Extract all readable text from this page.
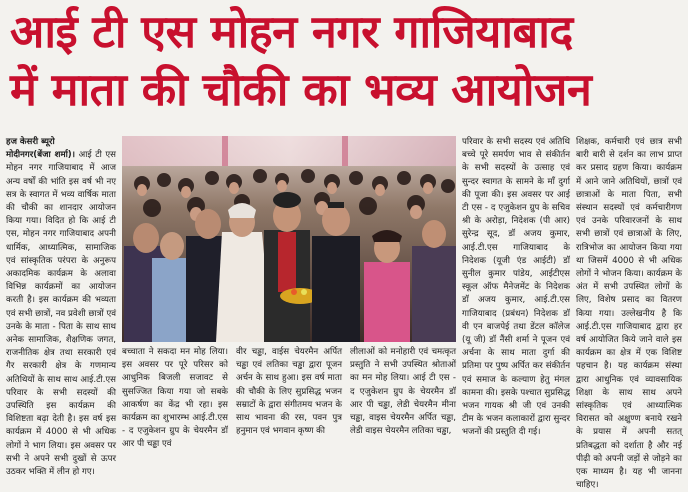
आई टी एस मोहन नगर गाजियाबाद
में माता की चौकी का भव्य आयोजन

हज केसरी ब्यूरो
मोदीनगर(बेंजा शर्मा)। आई टी एस मोहन नगर गाजियाबाद में आज अन्य वर्षों की भांति इस वर्ष भी नए सत्र के स्वागत में भव्य वार्षिक माता की चौकी का शानदार आयोजन किया गया। विदित हो कि आई टी एस, मोहन नगर गाजियाबाद अपनी धार्मिक, आध्यात्मिक, सामाजिक एवं सांस्कृतिक परंपरा के अनुरूप अकादमिक कार्यक्रम के अलावा विभिन्न कार्यक्रमों का आयोजन करती है। इस कार्यक्रम की भव्यता एवं सभी छात्रों, नव प्रवेशी छात्रों एवं उनके के माता - पिता के साथ साथ अनेक सामाजिक, शैक्षणिक जगत, राजनीतिक क्षेत्र तथा सरकारी एवं गैर सरकारी क्षेत्र के गणमान्य अतिथियों के साथ साथ आई.टी.एस परिवार के सभी सदस्यों की उपस्थिति इस कार्यक्रम की विशिष्टता बढ़ा देती है। इस वर्ष इस कार्यक्रम में 4000 से भी अधिक लोगों ने भाग लिया। इस अवसर पर सभी ने अपने सभी दुखों से ऊपर उठकर भक्ति में लीन हो गए।

परिवार के सभी सदस्य एवं अतिथि बच्चे पूरे समर्पण भाव से संकीर्तन के सभी सदस्यों के उत्साह एवं सुन्दर स्वागत के सामने के माँ दुर्गा की पूजा की। इस अवसर पर आई टी एस - द एजुकेशन ग्रुप के सचिव श्री के अरोड़ा, निदेशक (पी आर) सुरेन्द्र सूद, डॉ अजय कुमार, आई.टी.एस गाजियाबाद के निदेशक (यूजी एंड आईटी) डॉ सुनील कुमार पांडेय, आईटीएस स्कूल ऑफ मैनेजमेंट के निदेशक डॉ अजय कुमार, आई.टी.एस गाजियाबाद (प्रबंधन) निदेशक डॉ वी एन बाजपेई तथा डेंटल कॉलेज (यू जी) डॉ नैंसी शर्मा ने पूजन एवं अर्चना के साथ माता दुर्गा की प्रतिमा पर पुष्प अर्पित कर संकीर्तन एवं समाज के कल्याण हेतु मंगल कामना की। इसके पश्चात सुप्रसिद्ध भजन गायक श्री जी एवं उनकी टीम के भजन कलाकारों द्वारा सुन्दर भजनों की प्रस्तुति दी गई।

शिक्षक, कर्मचारी एवं छात्र सभी बारी बारी से दर्शन का लाभ प्राप्त कर प्रसाद ग्रहण किया। कार्यक्रम में आने जाने अतिथियों, छात्रों एवं छात्राओं के माता पिता, सभी संस्थान सदस्यों एवं कर्मचारीगण एवं उनके परिवारजनों के साथ सभी छात्रों एवं छात्राओं के लिए, रात्रिभोज का आयोजन किया गया था जिसमें 4000 से भी अधिक लोगों ने भोजन किया। कार्यक्रम के अंत में सभी उपस्थित लोगों के लिए, विशेष प्रसाद का वितरण किया गया। उल्लेखनीय है कि आई.टी.एस गाजियाबाद द्वारा हर वर्ष आयोजित किये जाने वाले इस कार्यक्रम का क्षेत्र में एक विशिष्ट पहचान है। यह कार्यक्रम संस्था द्वारा आधुनिक एवं व्यावसायिक शिक्षा के साथ साथ अपने सांस्कृतिक एवं आध्यात्मिक विरासत को अक्षुण्ण बनाये रखने के प्रयास में अपनी सतत् प्रतिबद्धता को दर्शाता है और नई पीढ़ी को अपनी जड़ों से जोड़ने का एक माध्यम है। यह भी जानना चाहिए।

बच्चाता ने सकदा मन मोह लिया। इस अवसर पर पूरे परिसर को आधुनिक बिजली सजावट से सुसज्जित किया गया जो सबके आकर्षण का केंद्र भी रहा। इस कार्यक्रम का शुभारम्भ आई.टी.एस - द एजुकेशन ग्रुप के चेयरमैन डॉ आर पी चड्ढा एवं

वीर चड्ढा, वाईस चेयरमैन अर्पित चड्ढा एवं लतिका चड्ढा द्वारा पूजन अर्चन के साथ हुआ। इस वर्ष माता की चौकी के लिए सुप्रसिद्ध भजन सम्राटों के द्वारा संगीतमय भजन के साथ भावना की रस, पवन पुत्र हनुमान एवं भगवान कृष्ण की

लीलाओं को मनोहारी एवं चमत्कृत प्रस्तुति ने सभी उपस्थित श्रोताओं का मन मोह लिया। आई टी एस - द एजुकेशन ग्रुप के चेयरमैन डॉ आर पी चड्ढा, लेडी चेयरमैन मीना चड्ढा, वाइस चेयरमैन अर्पित चड्ढा, लेडी वाइस चेयरमैन लतिका चड्ढा,
